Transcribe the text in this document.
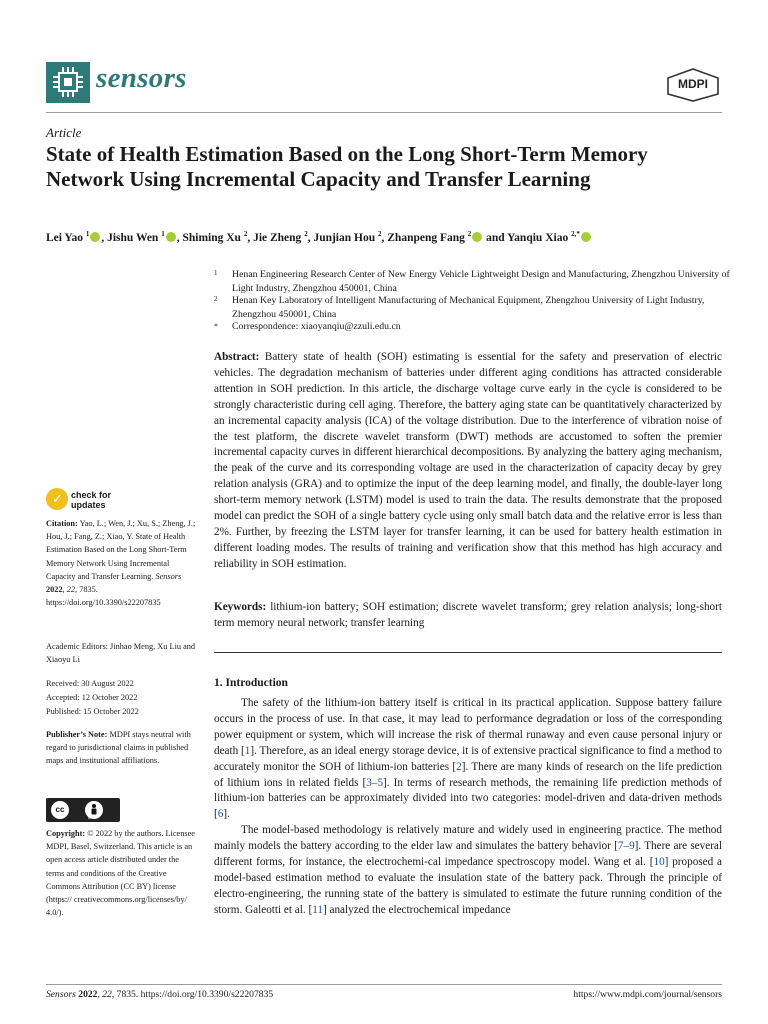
sensors	MDPI
Article
State of Health Estimation Based on the Long Short-Term Memory Network Using Incremental Capacity and Transfer Learning
Lei Yao $^1$ , Jishu Wen $^1$ , Shiming Xu $^2$, Jie Zheng $^2$, Junjian Hou $^2$, Zhanpeng Fang $^2$ and Yanqiu Xiao $^{2,*}$
1 Henan Engineering Research Center of New Energy Vehicle Lightweight Design and Manufacturing, Zhengzhou University of Light Industry, Zhengzhou 450001, China
2 Henan Key Laboratory of Intelligent Manufacturing of Mechanical Equipment, Zhengzhou University of Light Industry, Zhengzhou 450001, China
* Correspondence: xiaoyanqiu@zzuli.edu.cn
Abstract: Battery state of health (SOH) estimating is essential for the safety and preservation of electric vehicles. The degradation mechanism of batteries under different aging conditions has attracted considerable attention in SOH prediction. In this article, the discharge voltage curve early in the cycle is considered to be strongly characteristic during cell aging. Therefore, the battery aging state can be quantitatively characterized by an incremental capacity analysis (ICA) of the voltage distribution. Due to the interference of vibration noise of the test platform, the discrete wavelet transform (DWT) methods are accustomed to soften the premier incremental capacity curves in different hierarchical decompositions. By analyzing the battery aging mechanism, the peak of the curve and its corresponding voltage are used in the characterization of capacity decay by grey relation analysis (GRA) and to optimize the input of the deep learning model, and finally, the double-layer long short-term memory network (LSTM) model is used to train the data. The results demonstrate that the proposed model can predict the SOH of a single battery cycle using only small batch data and the relative error is less than 2%. Further, by freezing the LSTM layer for transfer learning, it can be used for battery health estimation in different loading modes. The results of training and verification show that this method has high accuracy and reliability in SOH estimation.
Keywords: lithium-ion battery; SOH estimation; discrete wavelet transform; grey relation analysis; long-short term memory neural network; transfer learning
1. Introduction

The safety of the lithium-ion battery itself is critical in its practical application. Suppose battery failure occurs in the process of use. In that case, it may lead to performance degradation or loss of the corresponding power equipment or system, which will increase the risk of thermal runaway and even cause personal injury or death [1]. Therefore, as an ideal energy storage device, it is of extensive practical significance to find a method to accurately monitor the SOH of lithium-ion batteries [2]. There are many kinds of research on the life prediction of lithium ions in related fields [3–5]. In terms of research methods, the remaining life prediction methods of lithium-ion batteries can be approximately divided into two categories: model-driven and data-driven methods [6].

The model-based methodology is relatively mature and widely used in engineering practice. The method mainly models the battery according to the elder law and simulates the battery behavior [7–9]. There are several different forms, for instance, the electrochemi-cal impedance spectroscopy model. Wang et al. [10] proposed a model-based estimation method to evaluate the insulation state of the battery pack. Through the principle of electro-engineering, the running state of the battery is simulated to estimate the future running condition of the storm. Galeotti et al. [11] analyzed the electrochemical impedance

✓ check for
updates
Citation: Yao, L.; Wen, J.; Xu, S.; Zheng, J.; Hou, J.; Fang, Z.; Xiao, Y. State of Health Estimation Based on the Long Short-Term Memory Network Using Incremental Capacity and Transfer Learning. Sensors 2022, 22, 7835. https://doi.org/10.3390/s22207835
Academic Editors: Jinhao Meng, Xu Liu and Xiaoyu Li
Received: 30 August 2022
Accepted: 12 October 2022
Published: 15 October 2022
Publisher’s Note: MDPI stays neutral with regard to jurisdictional claims in published maps and institutional affiliations.
cc
BY
Copyright: © 2022 by the authors. Licensee MDPI, Basel, Switzerland. This article is an open access article distributed under the terms and conditions of the Creative Commons Attribution (CC BY) license (https:// creativecommons.org/licenses/by/ 4.0/).
Sensors 2022, 22, 7835. https://doi.org/10.3390/s22207835	https://www.mdpi.com/journal/sensors
